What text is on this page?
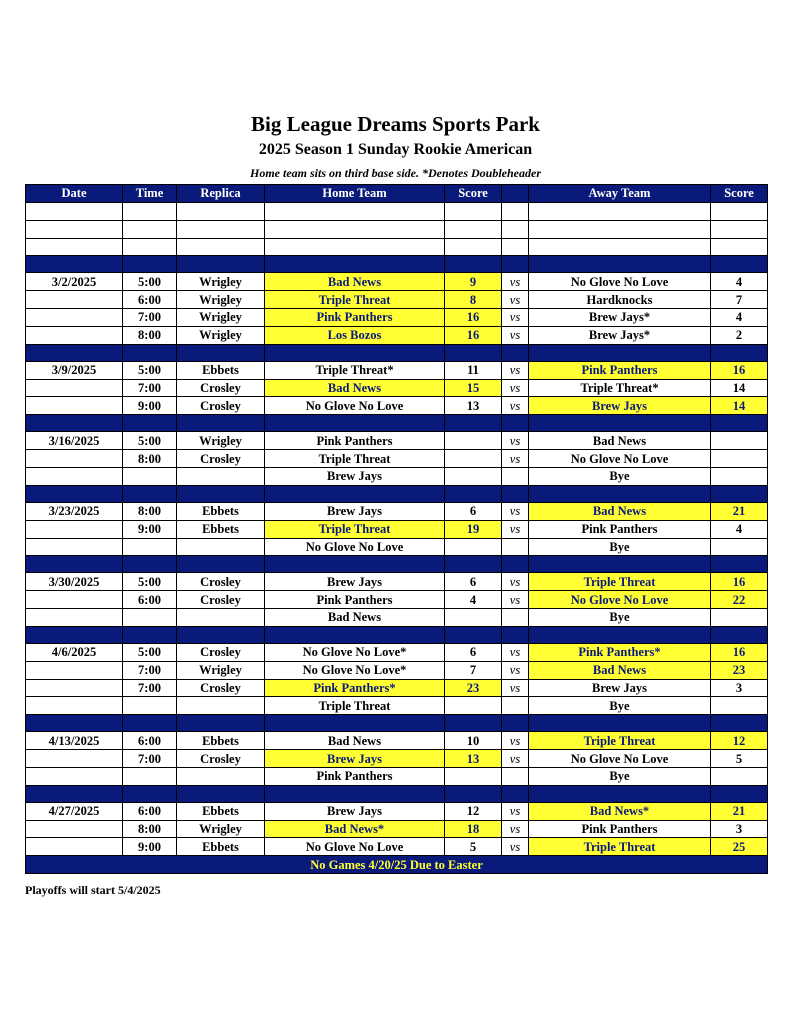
Big League Dreams Sports Park
2025 Season 1 Sunday Rookie American
Home team sits on third base side. *Denotes Doubleheader
Date	Time	Replica	Home Team	Score		Away Team	Score

3/2/2025	5:00	Wrigley	Bad News	9	vs	No Glove No Love	4
	6:00	Wrigley	Triple Threat	8	vs	Hardknocks	7
	7:00	Wrigley	Pink Panthers	16	vs	Brew Jays*	4
	8:00	Wrigley	Los Bozos	16	vs	Brew Jays*	2

3/9/2025	5:00	Ebbets	Triple Threat*	11	vs	Pink Panthers	16
	7:00	Crosley	Bad News	15	vs	Triple Threat*	14
	9:00	Crosley	No Glove No Love	13	vs	Brew Jays	14

3/16/2025	5:00	Wrigley	Pink Panthers		vs	Bad News	
	8:00	Crosley	Triple Threat		vs	No Glove No Love	
			Brew Jays			Bye	

3/23/2025	8:00	Ebbets	Brew Jays	6	vs	Bad News	21
	9:00	Ebbets	Triple Threat	19	vs	Pink Panthers	4
			No Glove No Love			Bye	

3/30/2025	5:00	Crosley	Brew Jays	6	vs	Triple Threat	16
	6:00	Crosley	Pink Panthers	4	vs	No Glove No Love	22
			Bad News			Bye	

4/6/2025	5:00	Crosley	No Glove No Love*	6	vs	Pink Panthers*	16
	7:00	Wrigley	No Glove No Love*	7	vs	Bad News	23
	7:00	Crosley	Pink Panthers*	23	vs	Brew Jays	3
			Triple Threat			Bye	

4/13/2025	6:00	Ebbets	Bad News	10	vs	Triple Threat	12
	7:00	Crosley	Brew Jays	13	vs	No Glove No Love	5
			Pink Panthers			Bye	

4/27/2025	6:00	Ebbets	Brew Jays	12	vs	Bad News*	21
	8:00	Wrigley	Bad News*	18	vs	Pink Panthers	3
	9:00	Ebbets	No Glove No Love	5	vs	Triple Threat	25
No Games 4/20/25 Due to Easter							
Playoffs will start 5/4/2025
